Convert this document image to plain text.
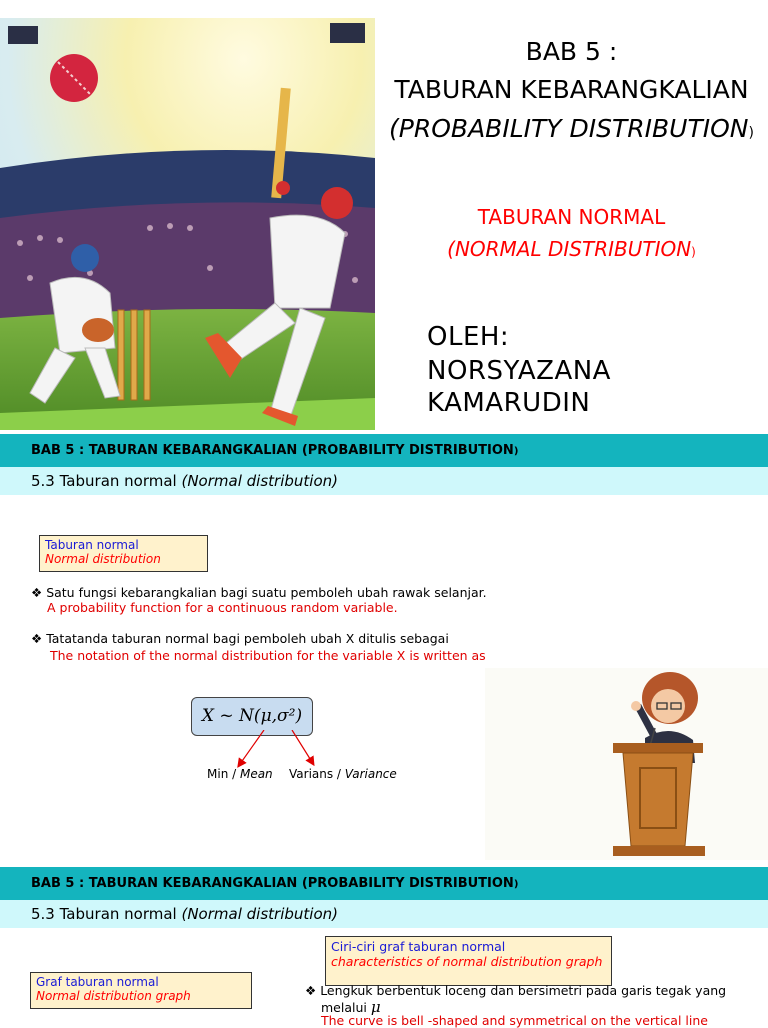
BAB 5 :
TABURAN KEBARANGKALIAN
(PROBABILITY DISTRIBUTION)
TABURAN NORMAL
(NORMAL DISTRIBUTION)
OLEH:
NORSYAZANA
KAMARUDIN
BAB 5 : TABURAN KEBARANGKALIAN (PROBABILITY DISTRIBUTION)
5.3 Taburan normal (Normal distribution)
Taburan normal
Normal distribution
❖ Satu fungsi kebarangkalian bagi suatu pemboleh ubah rawak selanjar.
A probability function for a continuous random variable.
❖ Tatatanda taburan normal bagi pemboleh ubah X ditulis sebagai
The notation of the normal distribution for the variable X is written as
X ~ N(μ,σ²)
Min / Mean Varians / Variance
BAB 5 : TABURAN KEBARANGKALIAN (PROBABILITY DISTRIBUTION)
5.3 Taburan normal (Normal distribution)
Ciri-ciri graf taburan normal
characteristics of normal distribution graph
Graf taburan normal
Normal distribution graph	❖ Lengkuk berbentuk loceng dan bersimetri pada garis tegak yang
melalui μ
The curve is bell -shaped and symmetrical on the vertical line
